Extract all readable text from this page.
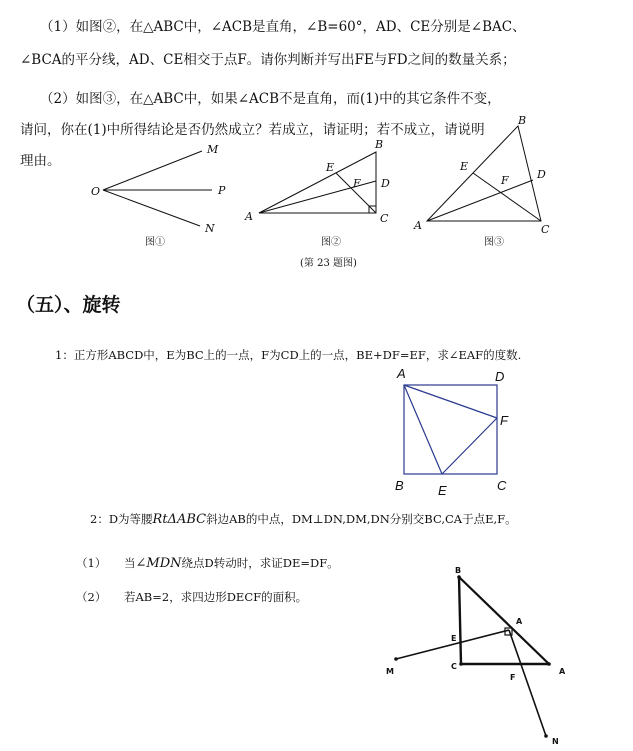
（1）如图②，在△ABC中，∠ACB是直角，∠B=60°，AD、CE分别是∠BAC、
∠BCA的平分线，AD、CE相交于点F。请你判断并写出FE与FD之间的数量关系；
（2）如图③，在△ABC中，如果∠ACB不是直角，而(1)中的其它条件不变，
请问，你在(1)中所得结论是否仍然成立？若成立，请证明；若不成立，请说明
理由。
M
O	P
N
B
E
F D
A	C
B
E
F	D
A	C
图①	图②	图③
(第 23 题图)
（五）、旋转
1：正方形ABCD中，E为BC上的一点，F为CD上的一点，BE+DF=EF，求∠EAF的度数.
A	D
F
B	E	C
2：D为等腰RtΔABC斜边AB的中点，DM⊥DN,DM,DN分别交BC,CA于点E,F。
（1） 当∠MDN绕点D转动时，求证DE=DF。
（2） 若AB=2，求四边形DECF的面积。
B
A
E
C
A
M
F
N
